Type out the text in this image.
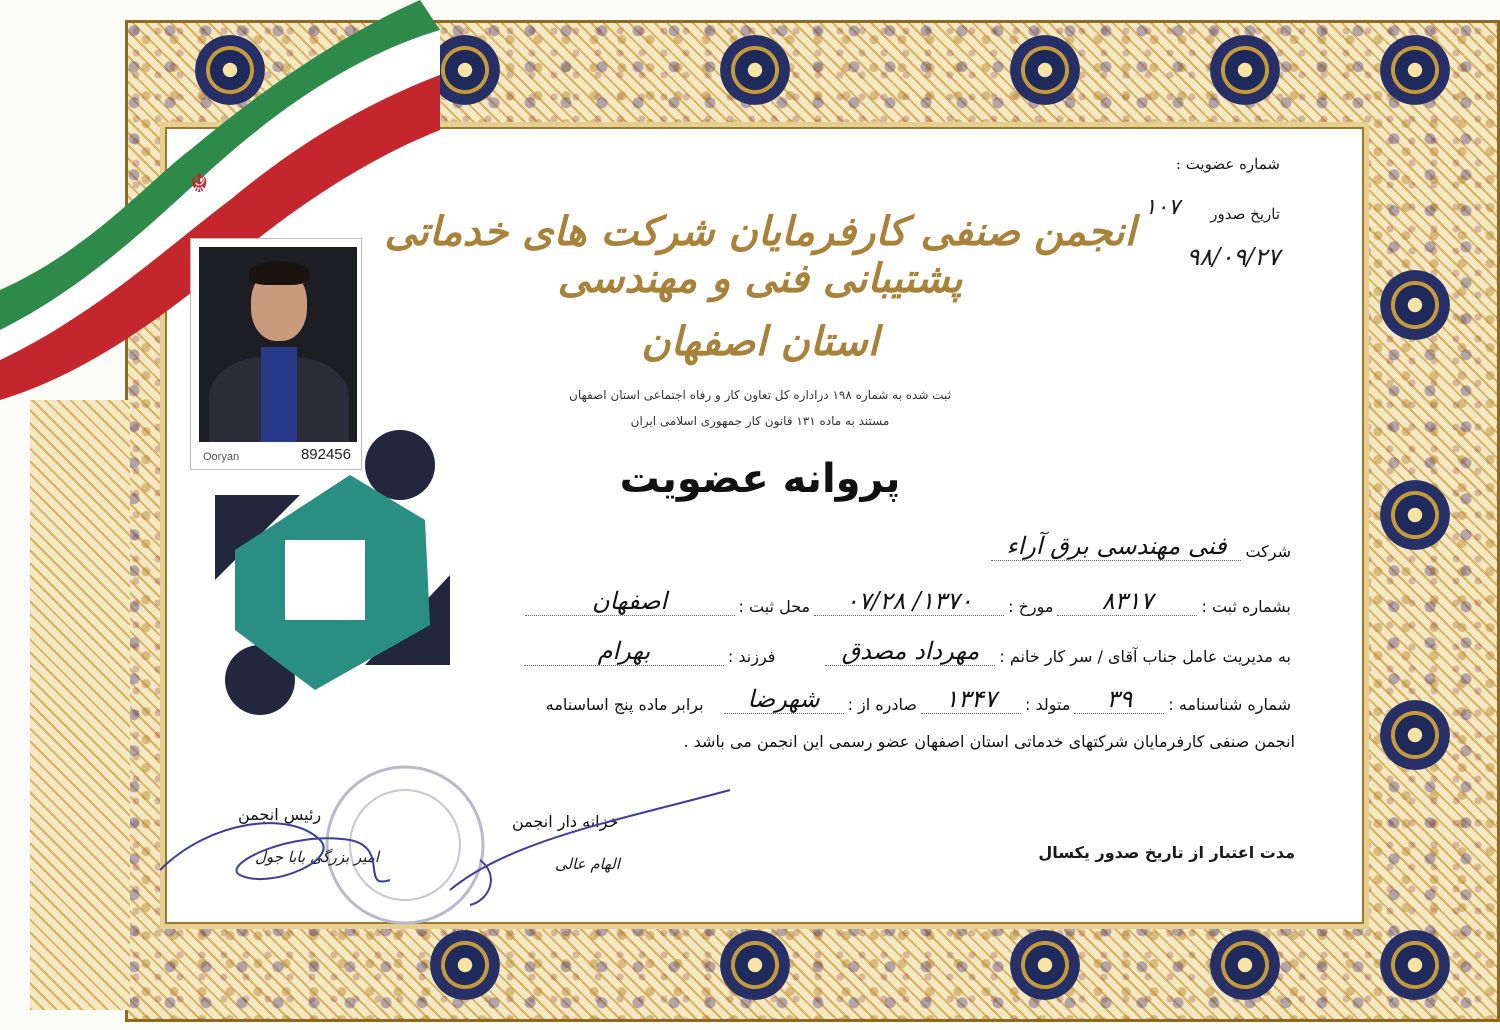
☬
Ooryan	892456
شماره عضویت :
تاریخ صدور
۱۰۷
۹۸/۰۹/۲۷
انجمن صنفی کارفرمایان شرکت های خدماتی پشتیبانی فنی و مهندسی
استان اصفهان
ثبت شده به شماره ۱۹۸ دراداره کل تعاون کار و رفاه اجتماعی استان اصفهان
مستند به ماده ۱۳۱ قانون کار جمهوری اسلامی ایران
پروانه عضویت
شرکت
فنی مهندسی برق آراء
بشماره ثبت :
۸۳۱۷
مورخ :
۱۳۷۰/ ۰۷/۲۸
محل ثبت :
اصفهان
به مدیریت عامل جناب آقای / سر کار خانم :
مهرداد مصدق
فرزند :
بهرام
شماره شناسنامه :
۳۹
متولد :
۱۳۴۷
صادره از :
شهرضا
برابر ماده پنج اساسنامه
انجمن صنفی کارفرمایان شرکتهای خدماتی استان اصفهان عضو رسمی این انجمن می باشد .
رئیس انجمن
امیر بزرگی بابا جول
خزانه دار انجمن
الهام عالی
مدت اعتبار از تاریخ صدور یکسال
